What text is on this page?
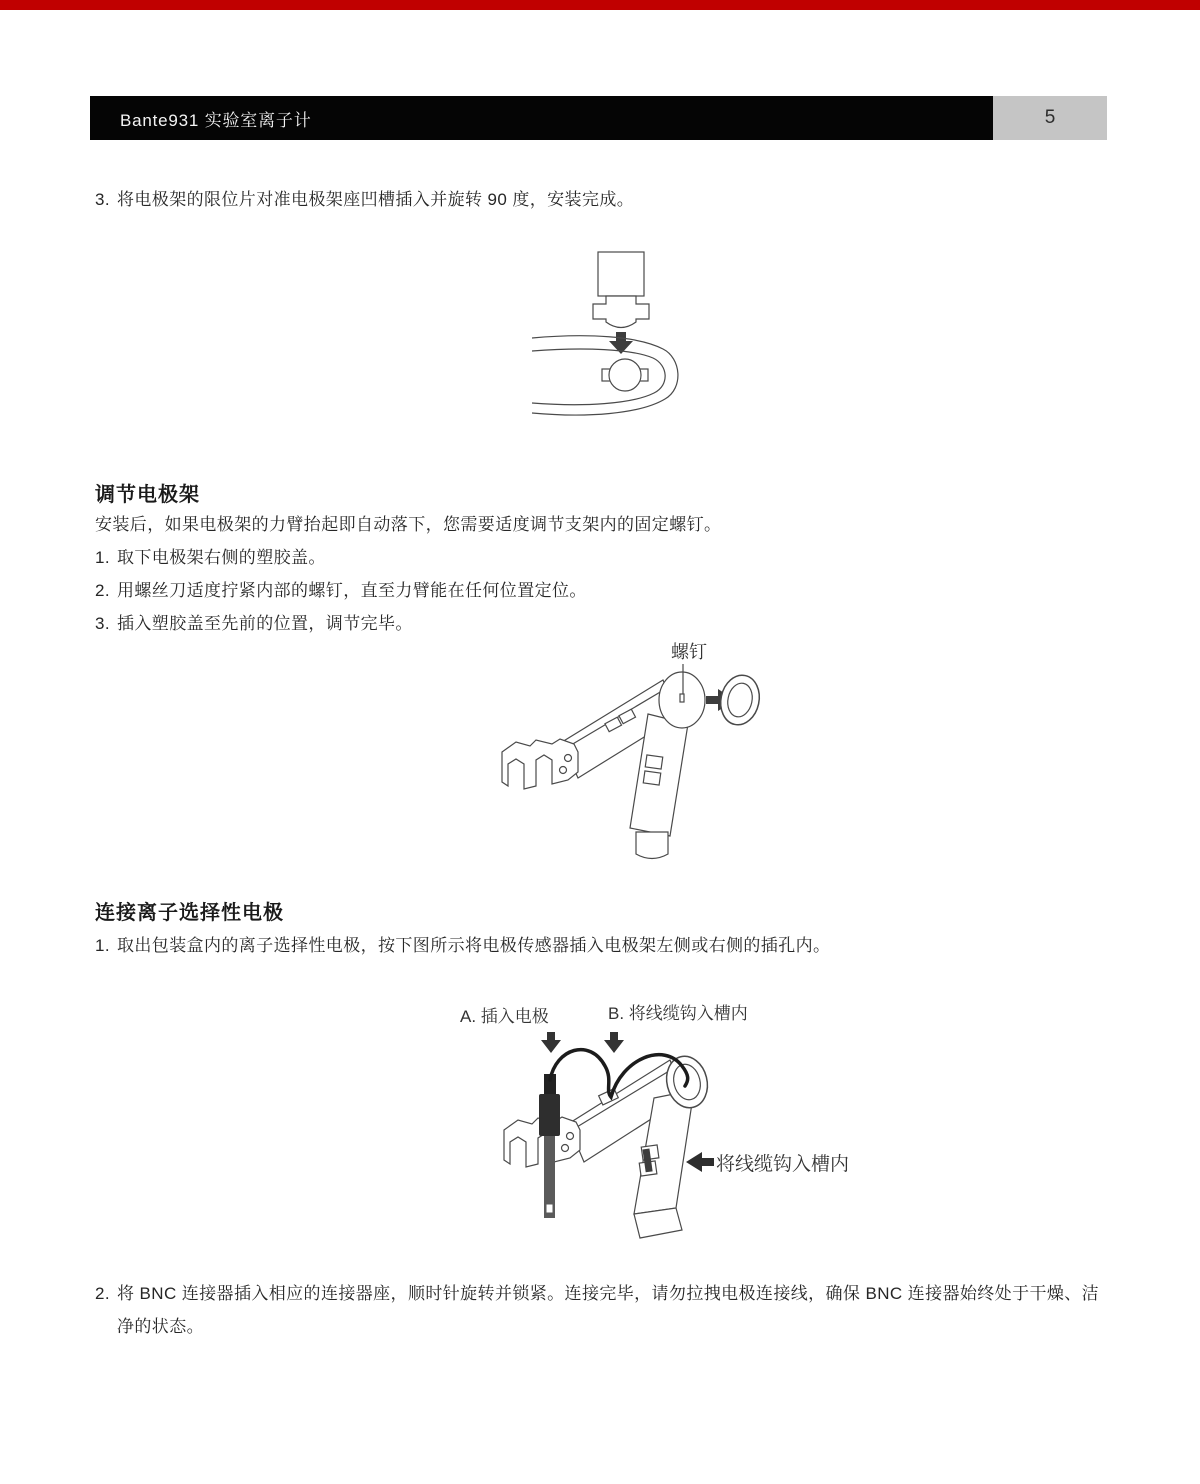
Bante931 实验室离子计	5
3. 将电极架的限位片对准电极架座凹槽插入并旋转 90 度，安装完成。
调节电极架
安装后，如果电极架的力臂抬起即自动落下，您需要适度调节支架内的固定螺钉。
1. 取下电极架右侧的塑胶盖。
2. 用螺丝刀适度拧紧内部的螺钉，直至力臂能在任何位置定位。
3. 插入塑胶盖至先前的位置，调节完毕。
螺钉
连接离子选择性电极
1. 取出包装盒内的离子选择性电极，按下图所示将电极传感器插入电极架左侧或右侧的插孔内。
A. 插入电极	B. 将线缆钩入槽内
将线缆钩入槽内
2. 将 BNC 连接器插入相应的连接器座，顺时针旋转并锁紧。连接完毕，请勿拉拽电极连接线，确保 BNC 连接器始终处于干燥、洁净的状态。
